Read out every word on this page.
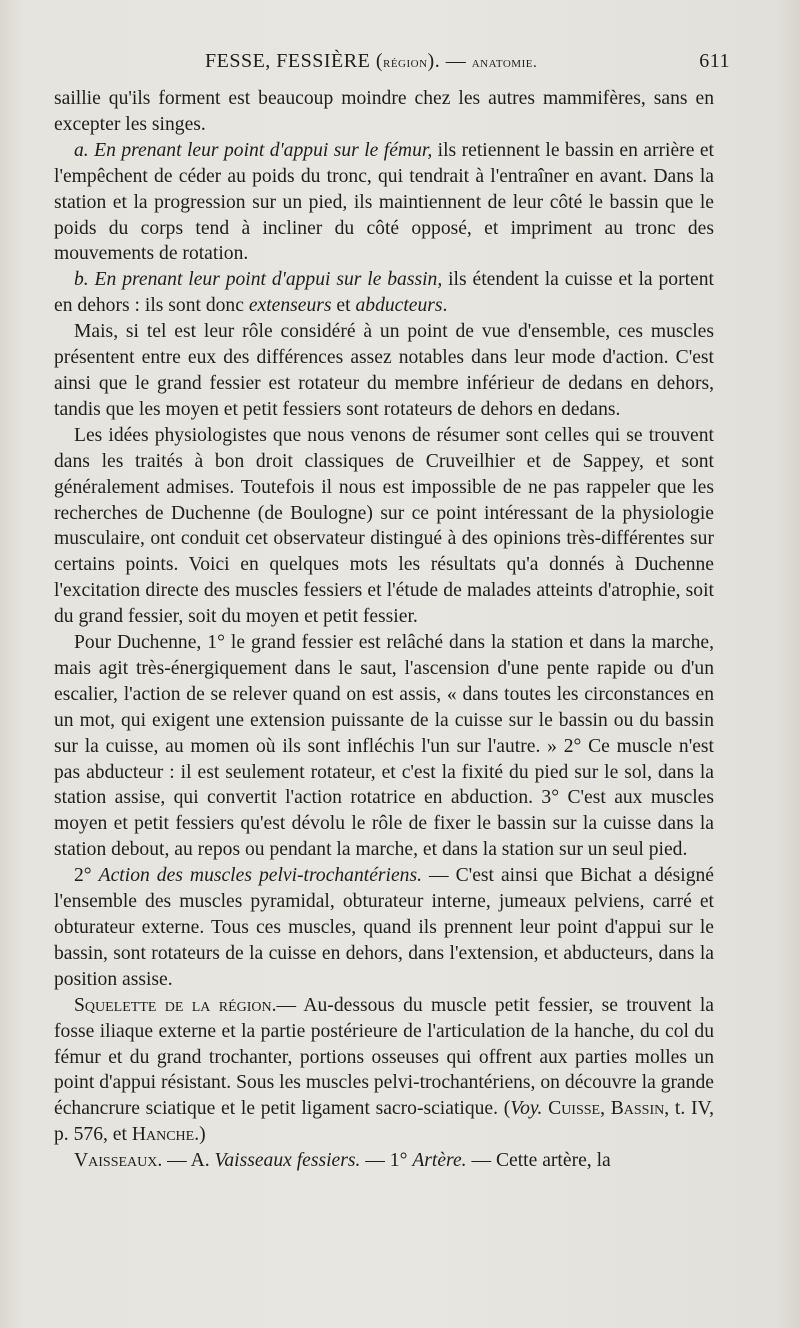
FESSE, FESSIÈRE (région). — anatomie.	611

saillie qu'ils forment est beaucoup moindre chez les autres mammifères, sans en excepter les singes.

a. En prenant leur point d'appui sur le fémur, ils retiennent le bassin en arrière et l'empêchent de céder au poids du tronc, qui tendrait à l'entraîner en avant. Dans la station et la progression sur un pied, ils maintiennent de leur côté le bassin que le poids du corps tend à incliner du côté opposé, et impriment au tronc des mouvements de rotation.

b. En prenant leur point d'appui sur le bassin, ils étendent la cuisse et la portent en dehors : ils sont donc extenseurs et abducteurs.

Mais, si tel est leur rôle considéré à un point de vue d'ensemble, ces muscles présentent entre eux des différences assez notables dans leur mode d'action. C'est ainsi que le grand fessier est rotateur du membre inférieur de dedans en dehors, tandis que les moyen et petit fessiers sont rotateurs de dehors en dedans.

Les idées physiologistes que nous venons de résumer sont celles qui se trouvent dans les traités à bon droit classiques de Cruveilhier et de Sappey, et sont généralement admises. Toutefois il nous est impossible de ne pas rappeler que les recherches de Duchenne (de Boulogne) sur ce point intéressant de la physiologie musculaire, ont conduit cet observateur distingué à des opinions très-différentes sur certains points. Voici en quelques mots les résultats qu'a donnés à Duchenne l'excitation directe des muscles fessiers et l'étude de malades atteints d'atrophie, soit du grand fessier, soit du moyen et petit fessier.

Pour Duchenne, 1° le grand fessier est relâché dans la station et dans la marche, mais agit très-énergiquement dans le saut, l'ascension d'une pente rapide ou d'un escalier, l'action de se relever quand on est assis, « dans toutes les circonstances en un mot, qui exigent une extension puissante de la cuisse sur le bassin ou du bassin sur la cuisse, au momen où ils sont infléchis l'un sur l'autre. » 2° Ce muscle n'est pas abducteur : il est seulement rotateur, et c'est la fixité du pied sur le sol, dans la station assise, qui convertit l'action rotatrice en abduction. 3° C'est aux muscles moyen et petit fessiers qu'est dévolu le rôle de fixer le bassin sur la cuisse dans la station debout, au repos ou pendant la marche, et dans la station sur un seul pied.

2° Action des muscles pelvi-trochantériens. — C'est ainsi que Bichat a désigné l'ensemble des muscles pyramidal, obturateur interne, jumeaux pelviens, carré et obturateur externe. Tous ces muscles, quand ils prennent leur point d'appui sur le bassin, sont rotateurs de la cuisse en dehors, dans l'extension, et abducteurs, dans la position assise.

Squelette de la région.— Au-dessous du muscle petit fessier, se trouvent la fosse iliaque externe et la partie postérieure de l'articulation de la hanche, du col du fémur et du grand trochanter, portions osseuses qui offrent aux parties molles un point d'appui résistant. Sous les muscles pelvi-trochantériens, on découvre la grande échancrure sciatique et le petit ligament sacro-sciatique. (Voy. Cuisse, Bassin, t. IV, p. 576, et Hanche.)

Vaisseaux. — A. Vaisseaux fessiers. — 1° Artère. — Cette artère, la
